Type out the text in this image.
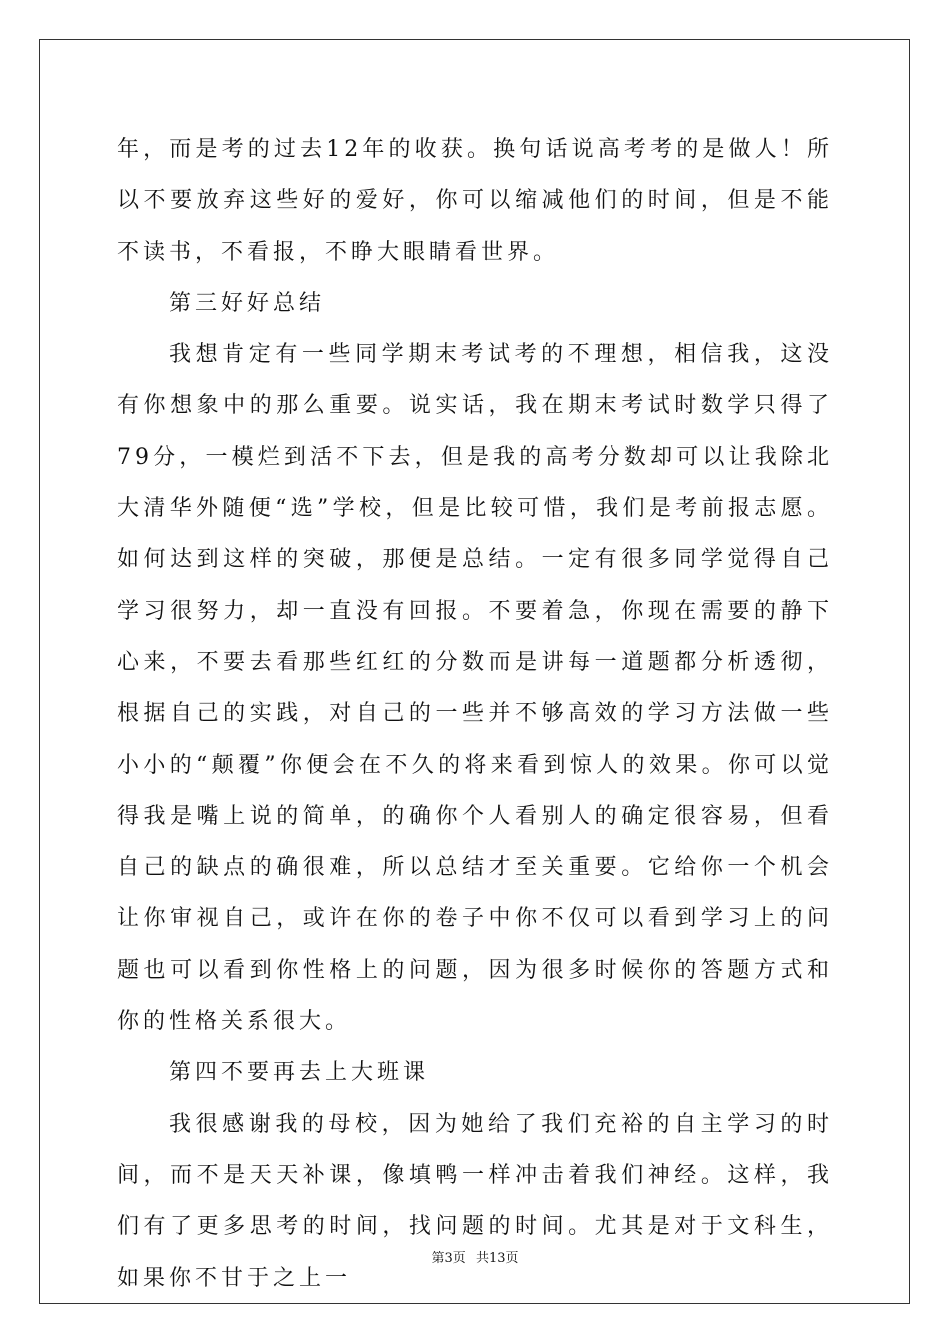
年，而是考的过去12年的收获。换句话说高考考的是做人！所以不要放弃这些好的爱好，你可以缩减他们的时间，但是不能不读书，不看报，不睁大眼睛看世界。

第三好好总结

我想肯定有一些同学期末考试考的不理想，相信我，这没有你想象中的那么重要。说实话，我在期末考试时数学只得了79分，一模烂到活不下去，但是我的高考分数却可以让我除北大清华外随便“选”学校，但是比较可惜，我们是考前报志愿。如何达到这样的突破，那便是总结。一定有很多同学觉得自己学习很努力，却一直没有回报。不要着急，你现在需要的静下心来，不要去看那些红红的分数而是讲每一道题都分析透彻，根据自己的实践，对自己的一些并不够高效的学习方法做一些小小的“颠覆”你便会在不久的将来看到惊人的效果。你可以觉得我是嘴上说的简单，的确你个人看别人的确定很容易，但看自己的缺点的确很难，所以总结才至关重要。它给你一个机会让你审视自己，或许在你的卷子中你不仅可以看到学习上的问题也可以看到你性格上的问题，因为很多时候你的答题方式和你的性格关系很大。

第四不要再去上大班课

我很感谢我的母校，因为她给了我们充裕的自主学习的时间，而不是天天补课，像填鸭一样冲击着我们神经。这样，我们有了更多思考的时间，找问题的时间。尤其是对于文科生，如果你不甘于之上一

第3页 共13页
